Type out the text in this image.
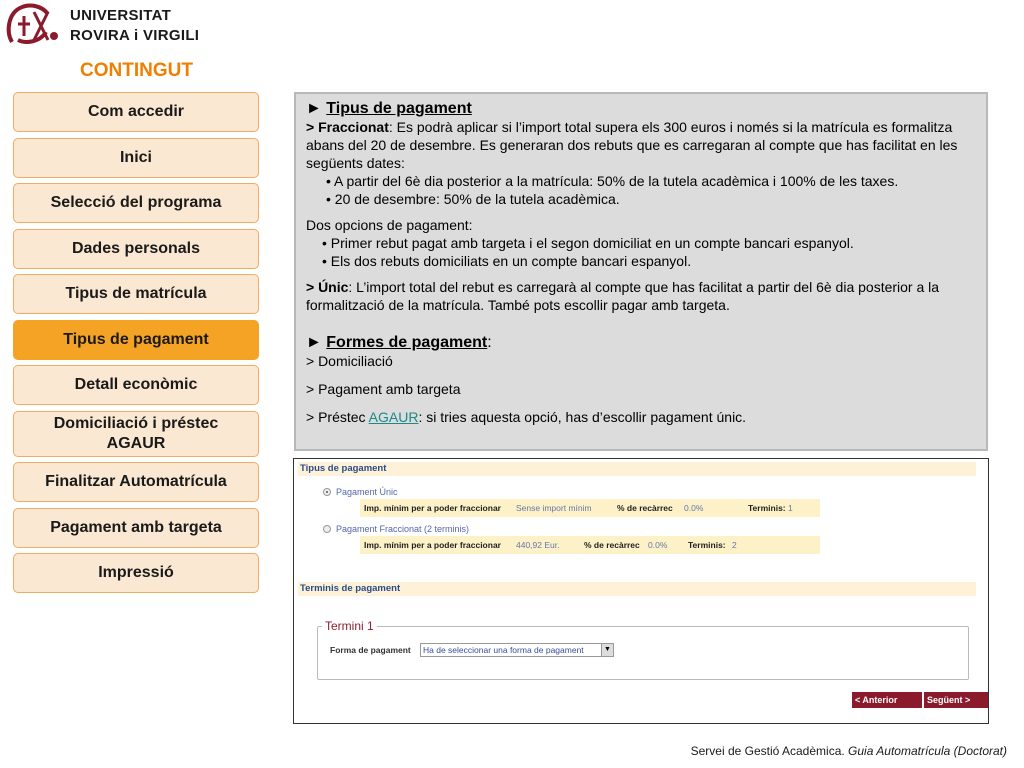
UNIVERSITAT
ROVIRA i VIRGILI
CONTINGUT
Com accedir
Inici
Selecció del programa
Dades personals
Tipus de matrícula
Tipus de pagament
Detall econòmic
Domiciliació i préstec AGAUR
Finalitzar Automatrícula
Pagament amb targeta
Impressió

► Tipus de pagament

> Fraccionat: Es podrà aplicar si l’import total supera els 300 euros i només si la matrícula es formalitza abans del 20 de desembre. Es generaran dos rebuts que es carregaran al compte que has facilitat en les següents dates:

• A partir del 6è dia posterior a la matrícula: 50% de la tutela acadèmica i 100% de les taxes.

• 20 de desembre: 50% de la tutela acadèmica.

Dos opcions de pagament:

• Primer rebut pagat amb targeta i el segon domiciliat en un compte bancari espanyol.

• Els dos rebuts domiciliats en un compte bancari espanyol.

> Únic: L’import total del rebut es carregarà al compte que has facilitat a partir del 6è dia posterior a la formalització de la matrícula. També pots escollir pagar amb targeta.

► Formes de pagament:

> Domiciliació

> Pagament amb targeta

> Préstec AGAUR: si tries aquesta opció, has d’escollir pagament únic.

Tipus de pagament
Pagament Únic
Imp. mínim per a poder fraccionar Sense import mínim	% de recàrrec 0.0%	Terminis: 1
Pagament Fraccionat (2 terminis)
Imp. mínim per a poder fraccionar 440,92 Eur.	% de recàrrec 0.0% Terminis: 2
Terminis de pagament
Termini 1
Forma de pagament	Ha de seleccionar una forma de pagament	▼
< Anterior	Següent >
Servei de Gestió Acadèmica. Guia Automatrícula (Doctorat)
